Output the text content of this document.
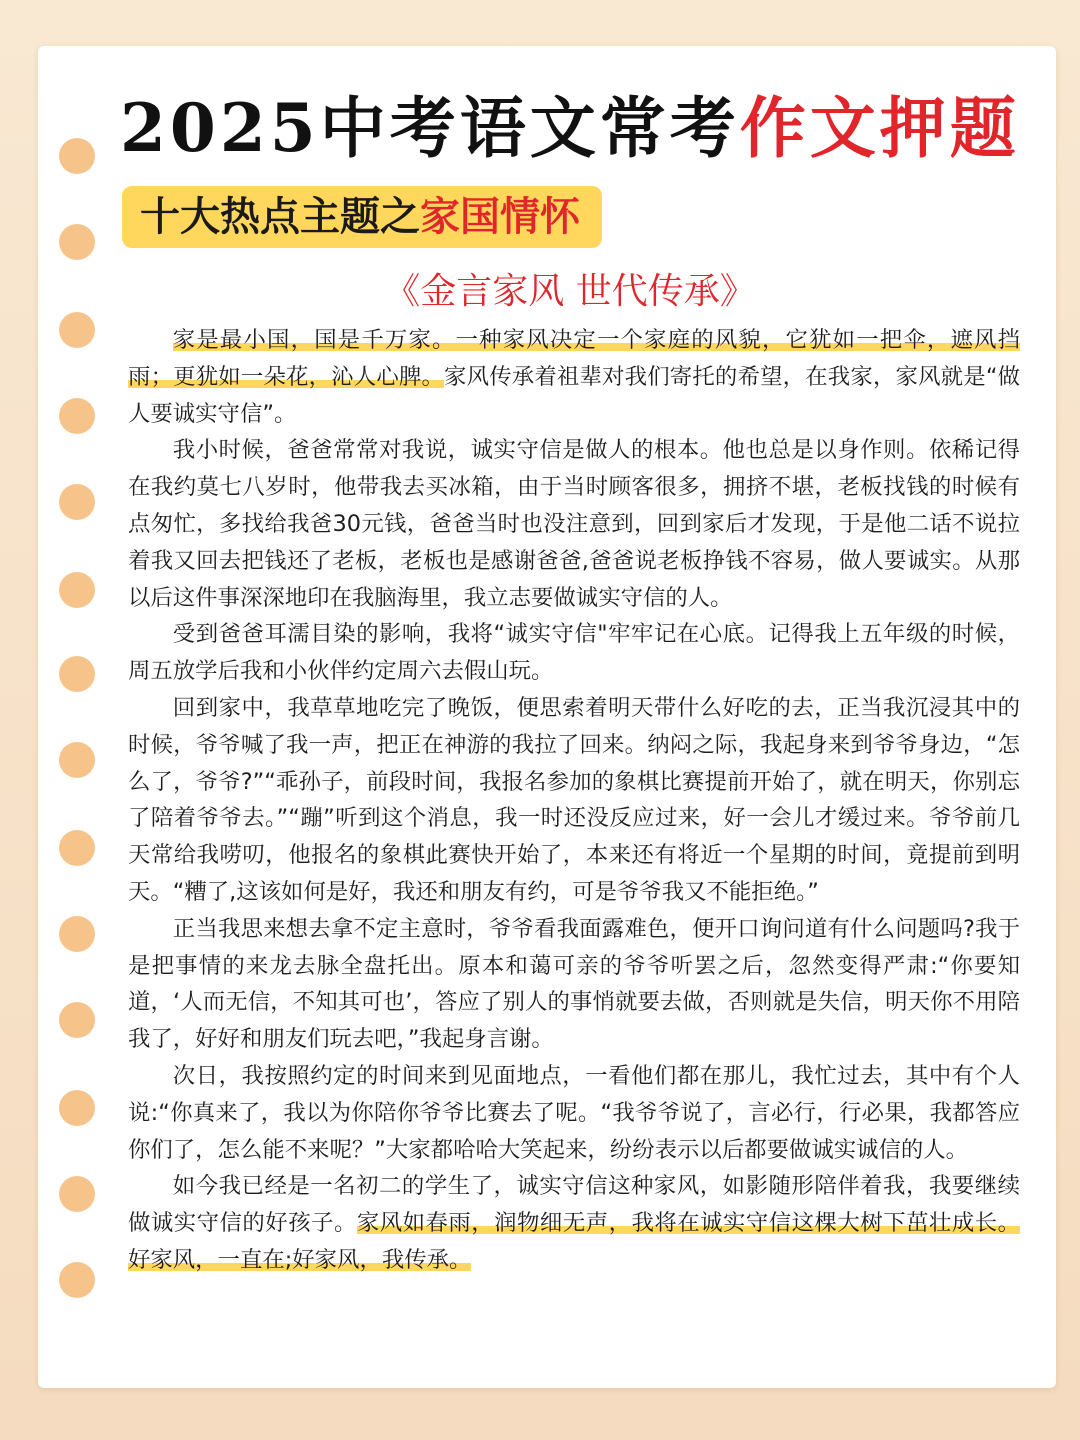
2025中考语文常考作文押题
十大热点主题之家国情怀
《金言家风 世代传承》

家是最小国，国是千万家。一种家风决定一个家庭的风貌，它犹如一把伞，遮风挡雨；更犹如一朵花，沁人心脾。家风传承着祖辈对我们寄托的希望，在我家，家风就是“做人要诚实守信”。

我小时候，爸爸常常对我说，诚实守信是做人的根本。他也总是以身作则。依稀记得在我约莫七八岁时，他带我去买冰箱，由于当时顾客很多，拥挤不堪，老板找钱的时候有点匆忙，多找给我爸30元钱，爸爸当时也没注意到，回到家后才发现，于是他二话不说拉着我又回去把钱还了老板，老板也是感谢爸爸,爸爸说老板挣钱不容易，做人要诚实。从那以后这件事深深地印在我脑海里，我立志要做诚实守信的人。

受到爸爸耳濡目染的影响，我将“诚实守信"牢牢记在心底。记得我上五年级的时候，周五放学后我和小伙伴约定周六去假山玩。

回到家中，我草草地吃完了晚饭，便思索着明天带什么好吃的去，正当我沉浸其中的时候，爷爷喊了我一声，把正在神游的我拉了回来。纳闷之际，我起身来到爷爷身边，“怎么了，爷爷?”“乖孙子，前段时间，我报名参加的象棋比赛提前开始了，就在明天，你别忘了陪着爷爷去。”“蹦”听到这个消息，我一时还没反应过来，好一会儿才缓过来。爷爷前几天常给我唠叨，他报名的象棋此赛快开始了，本来还有将近一个星期的时间，竟提前到明天。“糟了,这该如何是好，我还和朋友有约，可是爷爷我又不能拒绝。”

正当我思来想去拿不定主意时，爷爷看我面露难色，便开口询问道有什么问题吗?我于是把事情的来龙去脉全盘托出。原本和蔼可亲的爷爷听罢之后，忽然变得严肃:“你要知道，‘人而无信，不知其可也’，答应了别人的事悄就要去做，否则就是失信，明天你不用陪我了，好好和朋友们玩去吧，”我起身言谢。

次日，我按照约定的时间来到见面地点，一看他们都在那儿，我忙过去，其中有个人说:“你真来了，我以为你陪你爷爷比赛去了呢。“我爷爷说了，言必行，行必果，我都答应你们了，怎么能不来呢？”大家都哈哈大笑起来，纷纷表示以后都要做诚实诚信的人。

如今我已经是一名初二的学生了，诚实守信这种家风，如影随形陪伴着我，我要继续做诚实守信的好孩子。家风如春雨，润物细无声，我将在诚实守信这棵大树下茁壮成长。好家风，一直在;好家风，我传承。
